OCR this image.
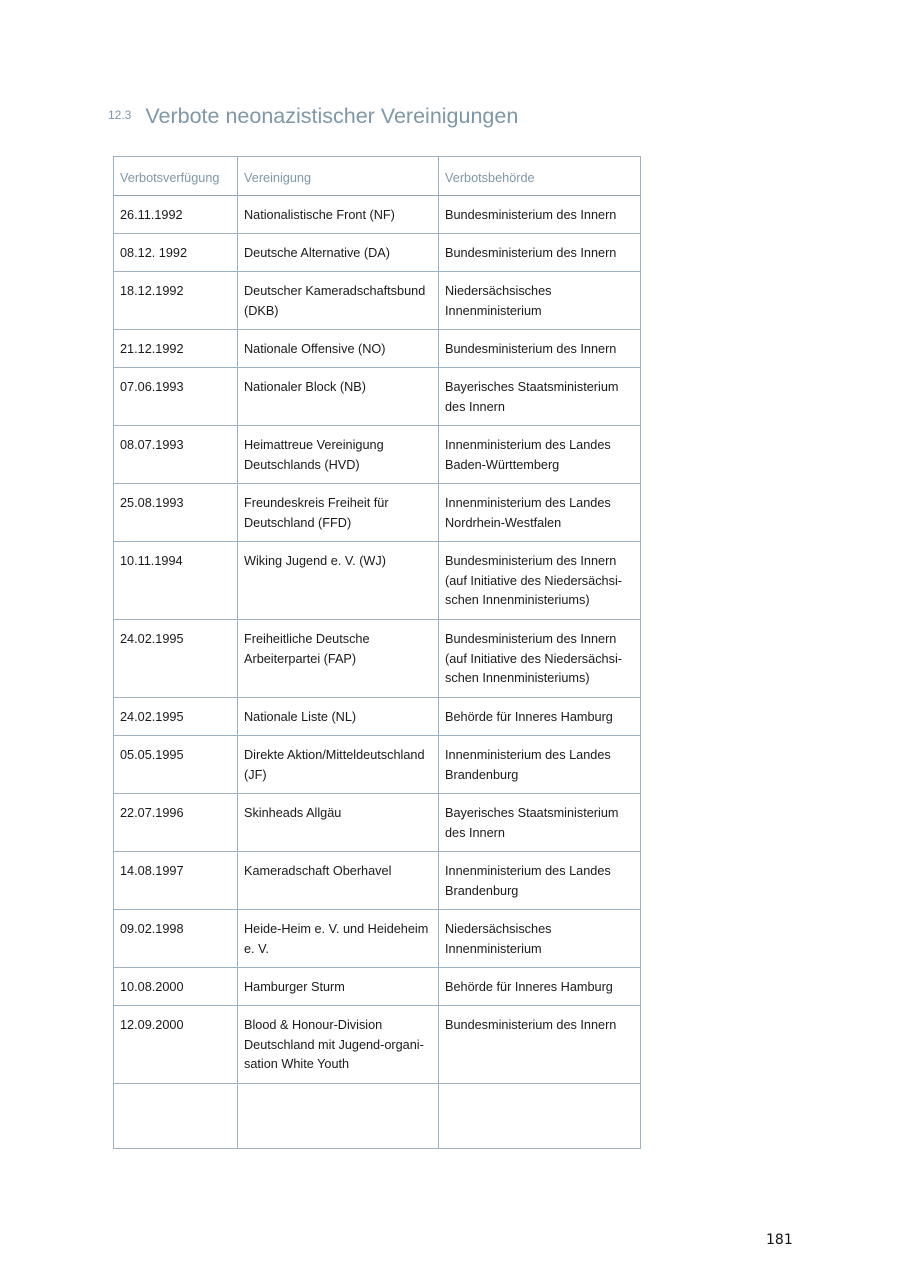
12.3 Verbote neonazistischer Vereinigungen
Verbotsverfügung	Vereinigung	Verbotsbehörde
26.11.1992	Nationalistische Front (NF)	Bundesministerium des Innern
08.12. 1992	Deutsche Alternative (DA)	Bundesministerium des Innern
18.12.1992	Deutscher Kameradschaftsbund (DKB)	Niedersächsisches Innenministerium
21.12.1992	Nationale Offensive (NO)	Bundesministerium des Innern
07.06.1993	Nationaler Block (NB)	Bayerisches Staatsministerium des Innern
08.07.1993	Heimattreue Vereinigung Deutschlands (HVD)	Innenministerium des Landes Baden-Württemberg
25.08.1993	Freundeskreis Freiheit für Deutschland (FFD)	Innenministerium des Landes Nordrhein-Westfalen
10.11.1994	Wiking Jugend e. V. (WJ)	Bundesministerium des Innern (auf Initiative des Niedersächsi-schen Innenministeriums)
24.02.1995	Freiheitliche Deutsche Arbeiterpartei (FAP)	Bundesministerium des Innern (auf Initiative des Niedersächsi-schen Innenministeriums)
24.02.1995	Nationale Liste (NL)	Behörde für Inneres Hamburg
05.05.1995	Direkte Aktion/Mitteldeutschland (JF)	Innenministerium des Landes Brandenburg
22.07.1996	Skinheads Allgäu	Bayerisches Staatsministerium des Innern
14.08.1997	Kameradschaft Oberhavel	Innenministerium des Landes Brandenburg
09.02.1998	Heide-Heim e. V. und Heideheim e. V.	Niedersächsisches Innenministerium
10.08.2000	Hamburger Sturm	Behörde für Inneres Hamburg
12.09.2000	Blood & Honour-Division Deutschland mit Jugend-organi-sation White Youth	Bundesministerium des Innern

181
